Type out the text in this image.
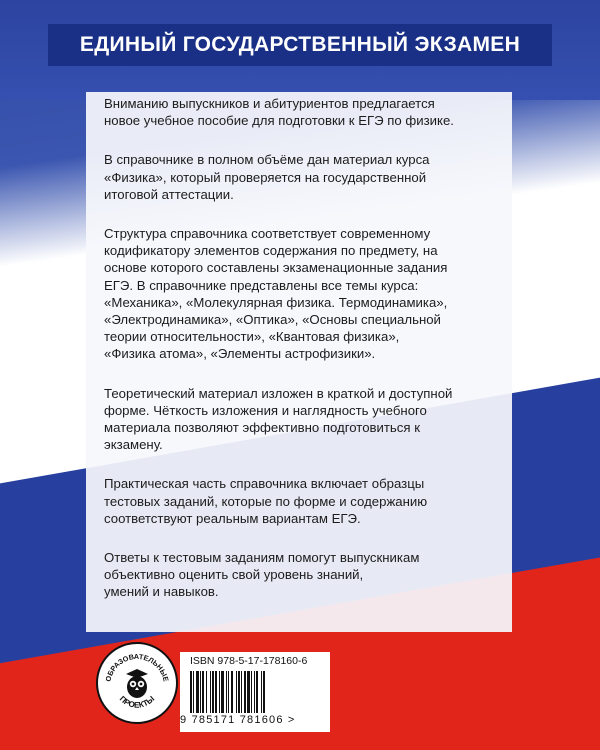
ЕДИНЫЙ ГОСУДАРСТВЕННЫЙ ЭКЗАМЕН

Вниманию выпускников и абитуриентов предлагается
новое учебное пособие для подготовки к ЕГЭ по физике.

В справочнике в полном объёме дан материал курса
«Физика», который проверяется на государственной
итоговой аттестации.

Структура справочника соответствует современному
кодификатору элементов содержания по предмету, на
основе которого составлены экзаменационные задания
ЕГЭ. В справочнике представлены все темы курса:
«Механика», «Молекулярная физика. Термодинамика»,
«Электродинамика», «Оптика», «Основы специальной
теории относительности», «Квантовая физика»,
«Физика атома», «Элементы астрофизики».

Теоретический материал изложен в краткой и доступной
форме. Чёткость изложения и наглядность учебного
материала позволяют эффективно подготовиться к
экзамену.

Практическая часть справочника включает образцы
тестовых заданий, которые по форме и содержанию
соответствуют реальным вариантам ЕГЭ.

Ответы к тестовым заданиям помогут выпускникам
объективно оценить свой уровень знаний,
умений и навыков.

ОБРАЗОВАТЕЛЬНЫЕ
ПРОЕКТЫ
ISBN 978-5-17-178160-6
9 785171 781606 >
